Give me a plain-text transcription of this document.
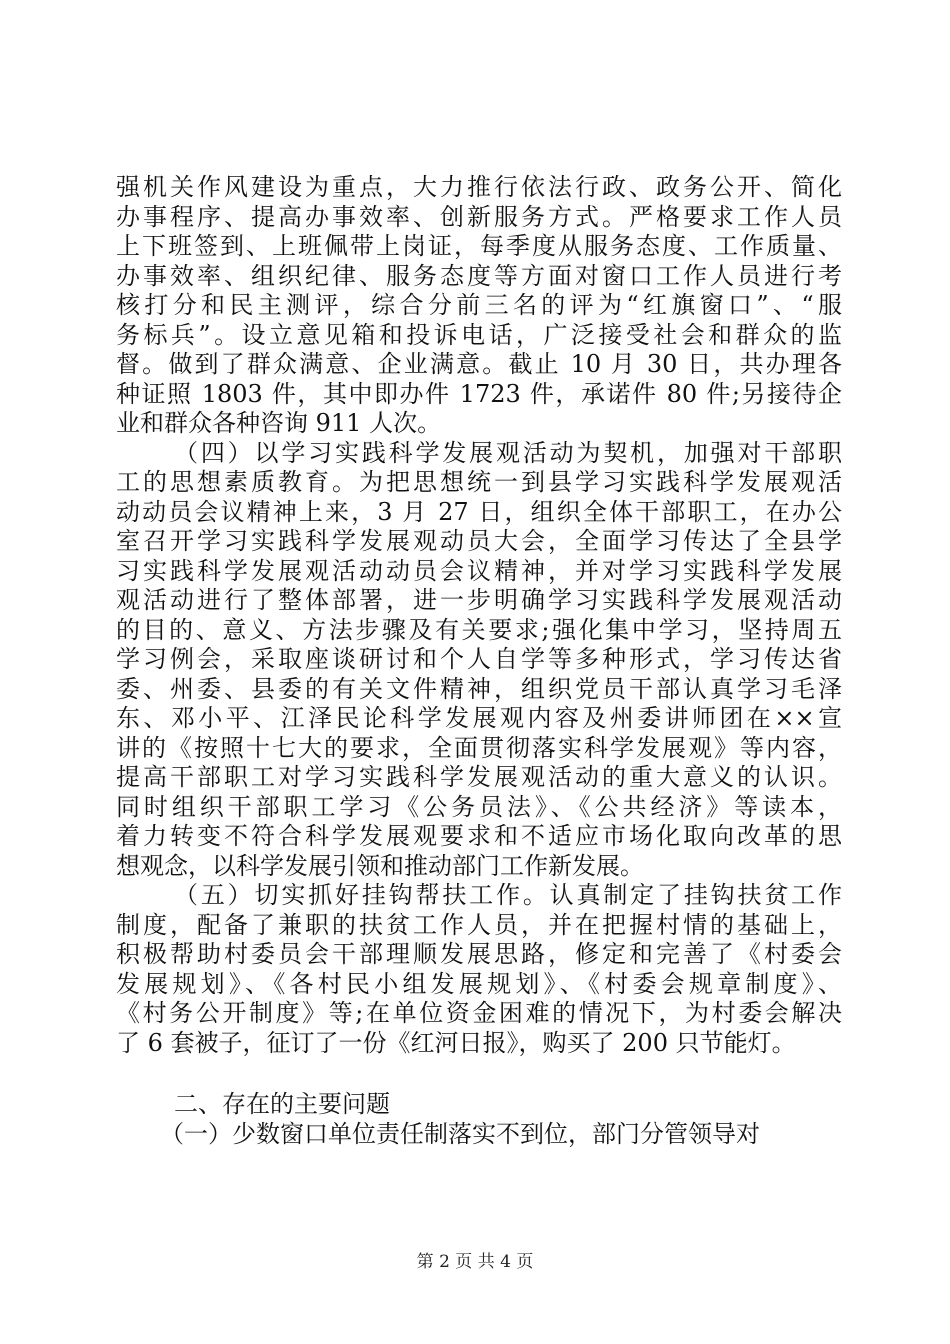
强机关作风建设为重点，大力推行依法行政、政务公开、简化
办事程序、提高办事效率、创新服务方式。严格要求工作人员
上下班签到、上班佩带上岗证，每季度从服务态度、工作质量、
办事效率、组织纪律、服务态度等方面对窗口工作人员进行考
核打分和民主测评，综合分前三名的评为“红旗窗口”、“服
务标兵”。设立意见箱和投诉电话，广泛接受社会和群众的监
督。做到了群众满意、企业满意。截止 10 月 30 日，共办理各
种证照 1803 件，其中即办件 1723 件，承诺件 80 件;另接待企
业和群众各种咨询 911 人次。
（四）以学习实践科学发展观活动为契机，加强对干部职
工的思想素质教育。为把思想统一到县学习实践科学发展观活
动动员会议精神上来，3 月 27 日，组织全体干部职工，在办公
室召开学习实践科学发展观动员大会，全面学习传达了全县学
习实践科学发展观活动动员会议精神，并对学习实践科学发展
观活动进行了整体部署，进一步明确学习实践科学发展观活动
的目的、意义、方法步骤及有关要求;强化集中学习，坚持周五
学习例会，采取座谈研讨和个人自学等多种形式，学习传达省
委、州委、县委的有关文件精神，组织党员干部认真学习毛泽
东、邓小平、江泽民论科学发展观内容及州委讲师团在××宣
讲的《按照十七大的要求，全面贯彻落实科学发展观》等内容，
提高干部职工对学习实践科学发展观活动的重大意义的认识。
同时组织干部职工学习《公务员法》、《公共经济》等读本，
着力转变不符合科学发展观要求和不适应市场化取向改革的思
想观念，以科学发展引领和推动部门工作新发展。
（五）切实抓好挂钩帮扶工作。认真制定了挂钩扶贫工作
制度，配备了兼职的扶贫工作人员，并在把握村情的基础上，
积极帮助村委员会干部理顺发展思路，修定和完善了《村委会
发展规划》、《各村民小组发展规划》、《村委会规章制度》、
《村务公开制度》等;在单位资金困难的情况下，为村委会解决
了 6 套被子，征订了一份《红河日报》，购买了 200 只节能灯。
二、存在的主要问题
（一）少数窗口单位责任制落实不到位，部门分管领导对
第 2 页 共 4 页
